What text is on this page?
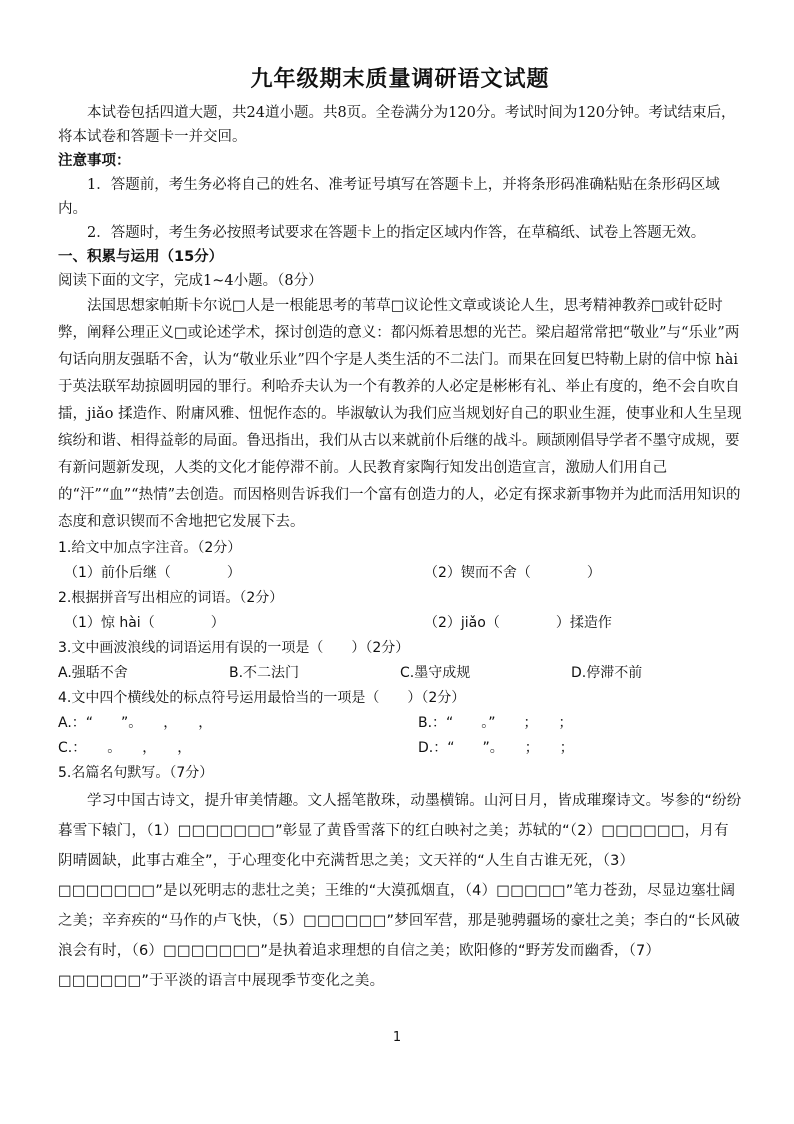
九年级期末质量调研语文试题

本试卷包括四道大题，共24道小题。共8页。全卷满分为120分。考试时间为120分钟。考试结束后，将本试卷和答题卡一并交回。

注意事项：

1．答题前，考生务必将自己的姓名、准考证号填写在答题卡上，并将条形码准确粘贴在条形码区域内。

2．答题时，考生务必按照考试要求在答题卡上的指定区域内作答，在草稿纸、试卷上答题无效。

一、积累与运用（15分）

阅读下面的文字，完成1~4小题。（8分）

法国思想家帕斯卡尔说□人是一根能思考的苇草□议论性文章或谈论人生，思考精神教养□或针砭时弊，阐释公理正义□或论述学术，探讨创造的意义：都闪烁着思想的光芒。梁启超常常把“敬业”与“乐业”两句话向朋友强聒不舍，认为“敬业乐业”四个字是人类生活的不二法门。而果在回复巴特勒上尉的信中惊 hài 于英法联军劫掠圆明园的罪行。利哈乔夫认为一个有教养的人必定是彬彬有礼、举止有度的，绝不会自吹自擂，jiǎo 揉造作、附庸风雅、忸怩作态的。毕淑敏认为我们应当规划好自己的职业生涯，使事业和人生呈现缤纷和谐、相得益彰的局面。鲁迅指出，我们从古以来就前仆后继的战斗。顾颉刚倡导学者不墨守成规，要有新问题新发现，人类的文化才能停滞不前。人民教育家陶行知发出创造宣言，激励人们用自己的“汗”“血”“热情”去创造。而因格则告诉我们一个富有创造力的人，必定有探求新事物并为此而活用知识的态度和意识锲而不舍地把它发展下去。

1.给文中加点字注音。（2分）
（1）前仆后继（　　　　）	（2）锲而不舍（　　　　）
2.根据拼音写出相应的词语。（2分）
（1）惊 hài（　　　　）	（2）jiǎo（　　　　）揉造作
3.文中画波浪线的词语运用有误的一项是（　　）（2分）
A.强聒不舍	B.不二法门	C.墨守成规	D.停滞不前
4.文中四个横线处的标点符号运用最恰当的一项是（　　）（2分）
A.：“　　”。　　，　　，	B.：“　　。”　　；　　；
C.：　　。　　，　　，	D.：“　　”。　　；　　；
5.名篇名句默写。（7分）

学习中国古诗文，提升审美情趣。文人摇笔散珠，动墨横锦。山河日月，皆成璀璨诗文。岑参的“纷纷暮雪下辕门，（1）□□□□□□□”彰显了黄昏雪落下的红白映衬之美；苏轼的“（2）□□□□□□，月有阴晴圆缺，此事古难全”，于心理变化中充满哲思之美；文天祥的“人生自古谁无死，（3）□□□□□□□”是以死明志的悲壮之美；王维的“大漠孤烟直，（4）□□□□□”笔力苍劲，尽显边塞壮阔之美；辛弃疾的“马作的卢飞快，（5）□□□□□□”梦回军营，那是驰骋疆场的豪壮之美；李白的“长风破浪会有时，（6）□□□□□□□”是执着追求理想的自信之美；欧阳修的“野芳发而幽香，（7）□□□□□□”于平淡的语言中展现季节变化之美。

1
